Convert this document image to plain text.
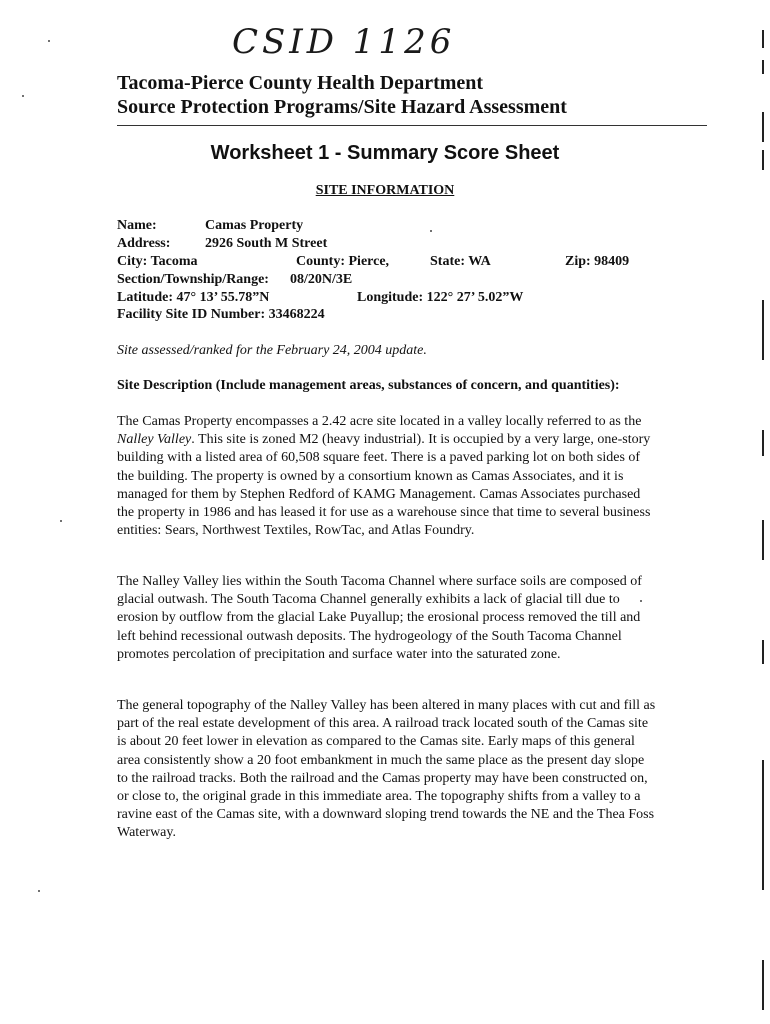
CSID 1126
Tacoma-Pierce County Health Department
Source Protection Programs/Site Hazard Assessment
Worksheet 1 - Summary Score Sheet
SITE INFORMATION
Name:	Camas Property
Address: 2926 South M Street
City: Tacoma	County: Pierce,	State: WA	Zip: 98409
Section/Township/Range: 08/20N/3E
Latitude: 47° 13’ 55.78”N	Longitude: 122° 27’ 5.02”W
Facility Site ID Number: 33468224
Site assessed/ranked for the February 24, 2004 update.
Site Description (Include management areas, substances of concern, and quantities):
The Camas Property encompasses a 2.42 acre site located in a valley locally referred to as the Nalley Valley. This site is zoned M2 (heavy industrial). It is occupied by a very large, one-story building with a listed area of 60,508 square feet. There is a paved parking lot on both sides of the building. The property is owned by a consortium known as Camas Associates, and it is managed for them by Stephen Redford of KAMG Management. Camas Associates purchased the property in 1986 and has leased it for use as a warehouse since that time to several business entities: Sears, Northwest Textiles, RowTac, and Atlas Foundry.
The Nalley Valley lies within the South Tacoma Channel where surface soils are composed of glacial outwash. The South Tacoma Channel generally exhibits a lack of glacial till due to erosion by outflow from the glacial Lake Puyallup; the erosional process removed the till and left behind recessional outwash deposits. The hydrogeology of the South Tacoma Channel promotes percolation of precipitation and surface water into the saturated zone.
The general topography of the Nalley Valley has been altered in many places with cut and fill as part of the real estate development of this area. A railroad track located south of the Camas site is about 20 feet lower in elevation as compared to the Camas site. Early maps of this general area consistently show a 20 foot embankment in much the same place as the present day slope to the railroad tracks. Both the railroad and the Camas property may have been constructed on, or close to, the original grade in this immediate area. The topography shifts from a valley to a ravine east of the Camas site, with a downward sloping trend towards the NE and the Thea Foss Waterway.
